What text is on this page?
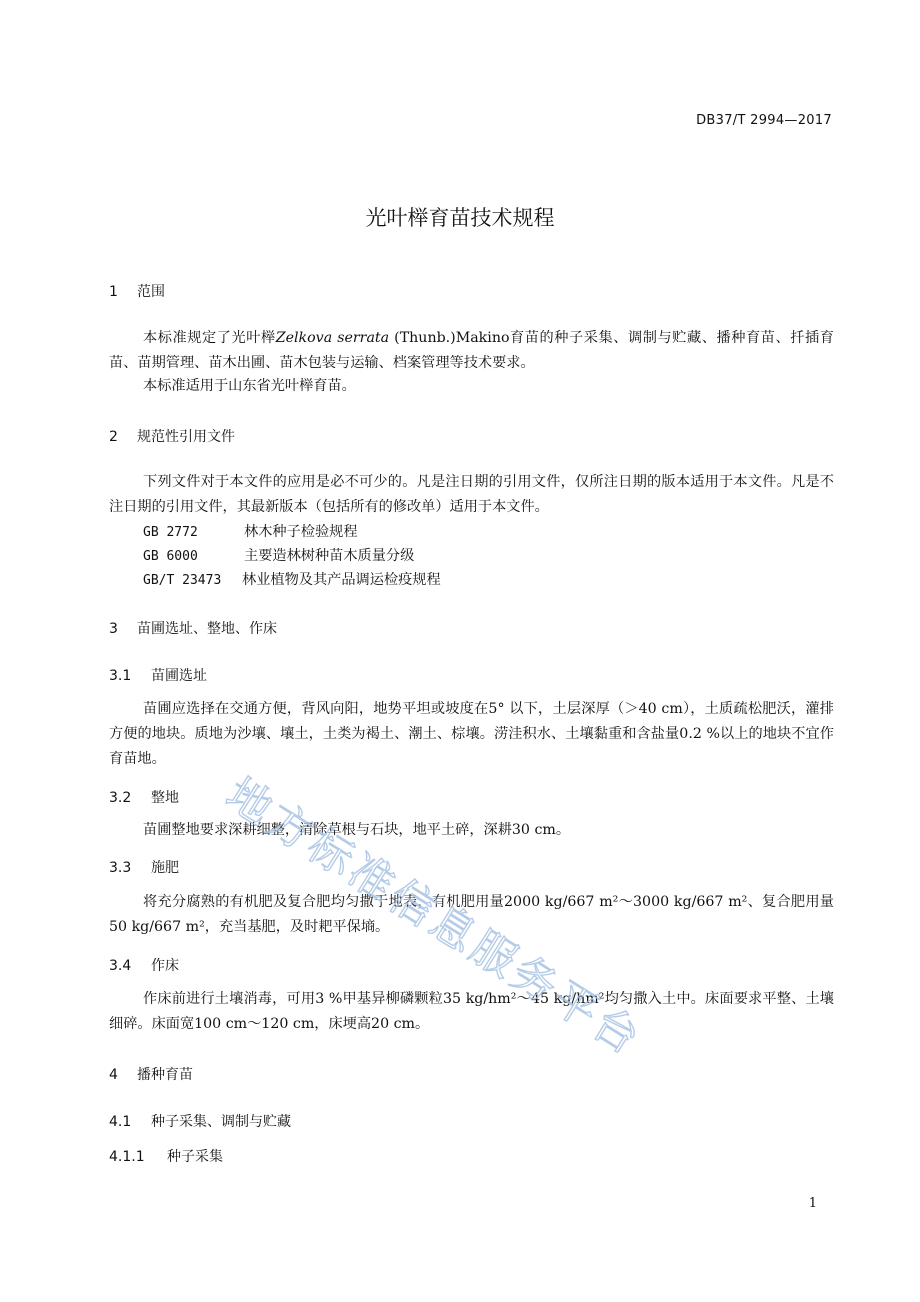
DB37/T 2994—2017
光叶榉育苗技术规程
1 范围
本标准规定了光叶榉Zelkova serrata (Thunb.)Makino育苗的种子采集、调制与贮藏、播种育苗、扦插育苗、苗期管理、苗木出圃、苗木包装与运输、档案管理等技术要求。
本标准适用于山东省光叶榉育苗。
2 规范性引用文件
下列文件对于本文件的应用是必不可少的。凡是注日期的引用文件，仅所注日期的版本适用于本文件。凡是不注日期的引用文件，其最新版本（包括所有的修改单）适用于本文件。
GB 2772	林木种子检验规程
GB 6000	主要造林树种苗木质量分级
GB/T 23473 林业植物及其产品调运检疫规程
3 苗圃选址、整地、作床
3.1 苗圃选址
苗圃应选择在交通方便，背风向阳，地势平坦或坡度在5° 以下，土层深厚（＞40 cm），土质疏松肥沃，灌排方便的地块。质地为沙壤、壤土，土类为褐土、潮土、棕壤。涝洼积水、土壤黏重和含盐量0.2 %以上的地块不宜作育苗地。
3.2 整地
苗圃整地要求深耕细整，清除草根与石块，地平土碎，深耕30 cm。
3.3 施肥
将充分腐熟的有机肥及复合肥均匀撒于地表，有机肥用量2000 kg/667 m²～3000 kg/667 m²、复合肥用量50 kg/667 m²，充当基肥，及时耙平保墒。
3.4 作床
作床前进行土壤消毒，可用3 %甲基异柳磷颗粒35 kg/hm²～45 kg/hm²均匀撒入土中。床面要求平整、土壤细碎。床面宽100 cm～120 cm，床埂高20 cm。
4 播种育苗
4.1 种子采集、调制与贮藏
4.1.1 种子采集
地
方
标
准
信
息
服
务
平
台
1
